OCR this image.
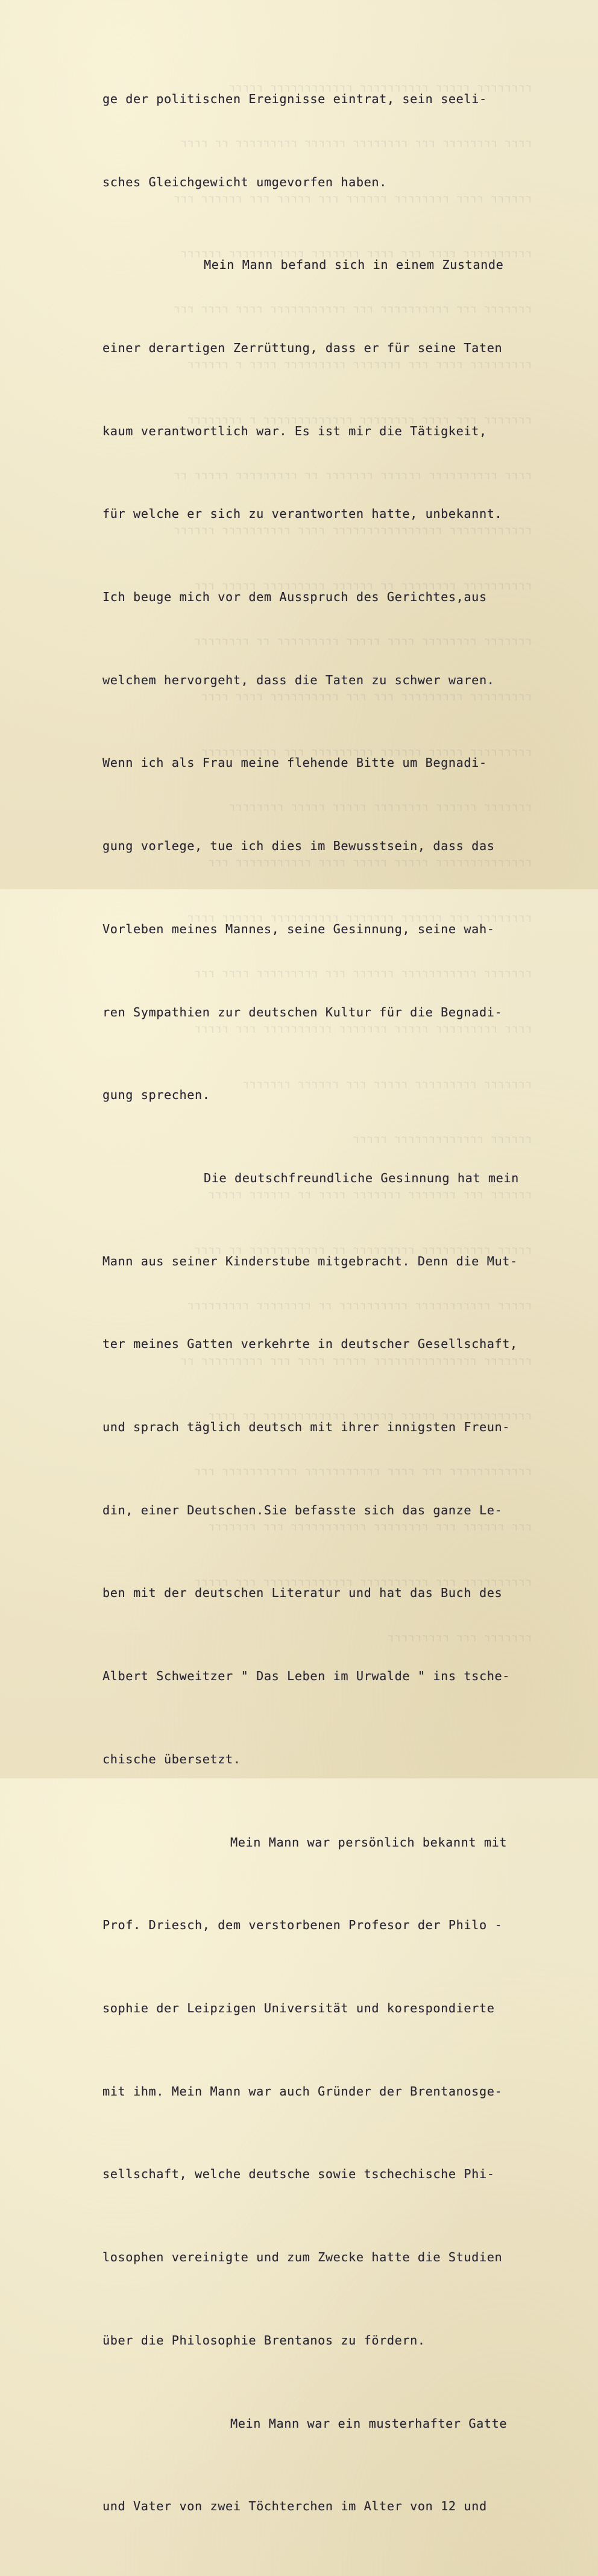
rrrrrrrr rrrrr rrrrrrrrrr rrrrrrrrrrrr rrrrr

rrrr rrrrrrrr rrr rrrrrrrr rrrrrr rrrrrrrrr rr rrrr

rrrrrr rrrr rrrrrrrr rrrrrr rrr rrrrr rrr rrrrrr rrr

rrrrrrrrrr rrrr rrr rrrr rrrrrrr rrrrrrrrrrr rrrrrr

rrrrrrr rrr rrrrrrrrrr rrr rrrrrrrrrrr rrrr rrrr rrr

rrrrrrrrr rrrr rrr rrrrrrr rrrrrrrrr rrrr r rrrrrr

rrrrrrr rrr rrrr rrrrrrrr rrrrrrrrrrrrr r rrrrrrrr

rrrr rrrrrrrrrr rrrrrr rrrrrrr rr rrrrrrrrr rrrrr rr

rrrrrrrrrrrr rrrrrrrrrrrrrrrr rrrr rrrrrrrrrr rrrrrr

rrrrrrrrrr rrrrrrrr rr rrrrrr rrrrrrrrr rrrrr rrr

rrrrrrr rrrrrrrr rrrr rrrrr rrrrrrrrr rr rrrrrrrr

rrrrrrrrr rrrrrrrrr rrr rrr rrrrrrrrrr rrrr rrrr

rrrrrrrrr rrrrr rrrrrr rrrrrrrrr rrr rrrrrrrrrrr

rrrrrrr rrrrrr rrrrrrrr rrrrr rrrrr rrrrrrrr

rrrrrrrrrrrrrr rrrrr rrrrr rrrr rrrrrrrrrrr rrr

rrrrrrrr rrr rrrrrr rrrrrrr rrrrrrrrrr rrrrrr rrrr

rrrrrrr rrrrrrrrrrr rrrrrr rrr rrrrrrrrr rrrr rrr

rrrr rrrrrrrrr rrrrr rrrrrrr rrrrrrrrrr rrr rrrrr

rrrrrrr rrrrrrrrr rrrrr rrr rrrrrr rrrrrrr

rrrrrr rrrrrrrrrrrrr rrrrr

rrrrrr rrr rrrrrrr rrrrrrr rrrr rr rrrrrr rrrrr

rrrrr rrrrrrrrrr rrrrrrrrr rr rrrrrrrrrrr rr rrrr

rrrrr rrrrrrrrrrr rrrrrrrrrr rr rrrrrrrr rrrrrrrrr

rrrrrrr rrrrrrrrrrrrrrr rrrrr rrrr rrr rrrrrrrrr rr

rrrrrrrrrrrrr rrrrr rrrrrr rrrrrrrrrrrr rr rrrr

rrrrrrrrrrrr rrr rrrr rrrrrrrrrrr rrrrrrrrrrr rrr

rrr rrrrrr rrr rrrrrrrr rrrrrrrrrrr rrr rrrrrrr

rrrrrrrrrr rrr rrrrrrrrrr rrrrrrrrrrrrr rrr rrrrr

rrrrrrr rrr rrrrrrrrr

ge der politischen Ereignisse eintrat, sein seeli-

sches Gleichgewicht umgevorfen haben.

Mein Mann befand sich in einem Zustande

einer derartigen Zerrüttung, dass er für seine Taten

kaum verantwortlich war. Es ist mir die Tätigkeit,

für welche er sich zu verantworten hatte, unbekannt.

Ich beuge mich vor dem Ausspruch des Gerichtes,aus

welchem hervorgeht, dass die Taten zu schwer waren.

Wenn ich als Frau meine flehende Bitte um Begnadi-

gung vorlege, tue ich dies im Bewusstsein, dass das

Vorleben meines Mannes, seine Gesinnung, seine wah-

ren Sympathien zur deutschen Kultur für die Begnadi-

gung sprechen.

Die deutschfreundliche Gesinnung hat mein

Mann aus seiner Kinderstube mitgebracht. Denn die Mut-

ter meines Gatten verkehrte in deutscher Gesellschaft,

und sprach täglich deutsch mit ihrer innigsten Freun-

din, einer Deutschen.Sie befasste sich das ganze Le-

ben mit der deutschen Literatur und hat das Buch des

Albert Schweitzer " Das Leben im Urwalde " ins tsche-

chische übersetzt.

Mein Mann war persönlich bekannt mit

Prof. Driesch, dem verstorbenen Profesor der Philo -

sophie der Leipzigen Universität und korespondierte

mit ihm. Mein Mann war auch Gründer der Brentanosge-

sellschaft, welche deutsche sowie tschechische Phi-

losophen vereinigte und zum Zwecke hatte die Studien

über die Philosophie Brentanos zu fördern.

Mein Mann war ein musterhafter Gatte

und Vater von zwei Töchterchen im Alter von 12 und
